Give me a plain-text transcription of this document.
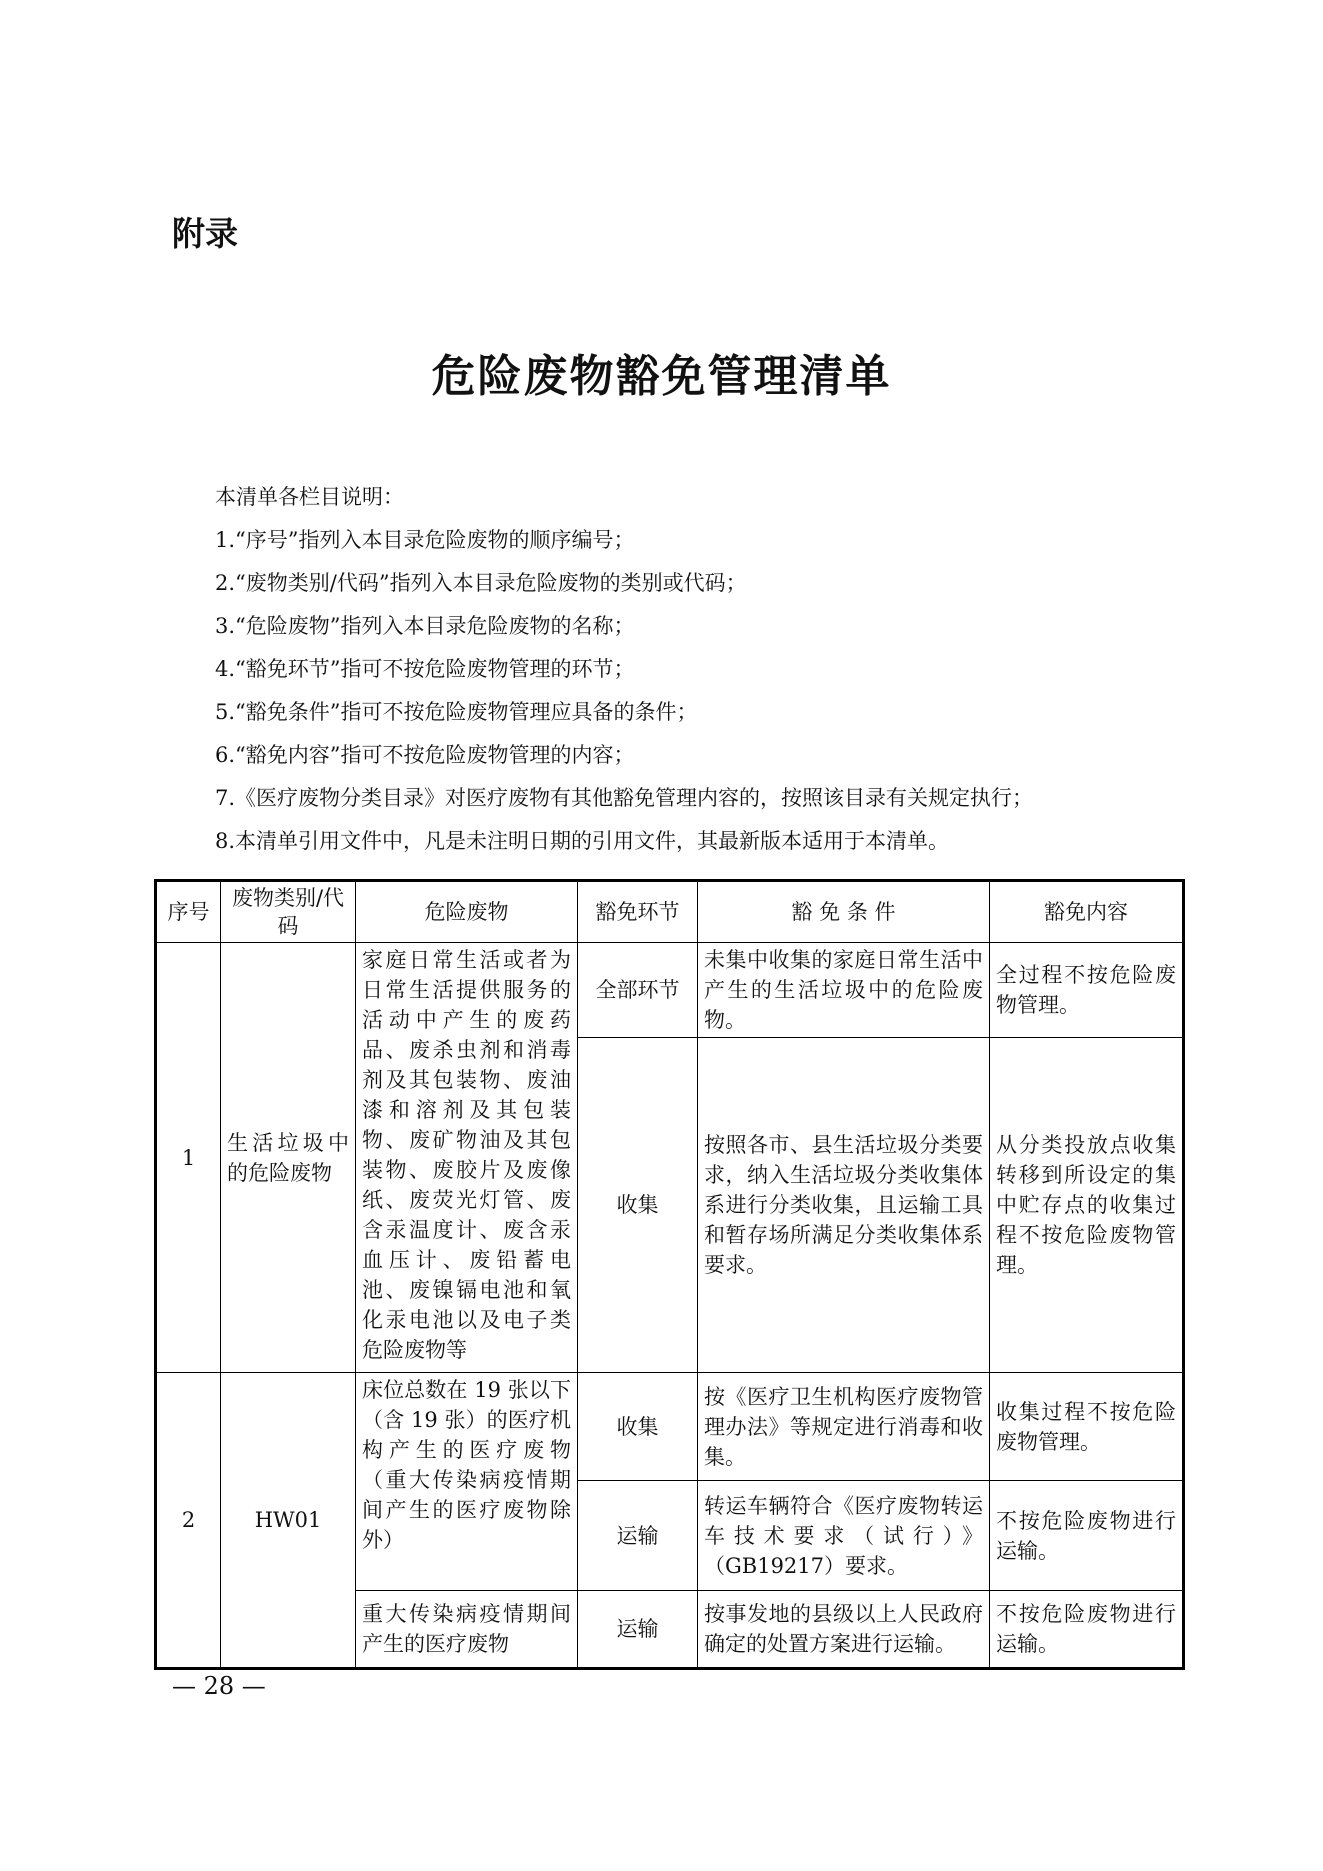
附录
危险废物豁免管理清单
本清单各栏目说明：
1.“序号”指列入本目录危险废物的顺序编号；
2.“废物类别/代码”指列入本目录危险废物的类别或代码；
3.“危险废物”指列入本目录危险废物的名称；
4.“豁免环节”指可不按危险废物管理的环节；
5.“豁免条件”指可不按危险废物管理应具备的条件；
6.“豁免内容”指可不按危险废物管理的内容；
7.《医疗废物分类目录》对医疗废物有其他豁免管理内容的，按照该目录有关规定执行；
8.本清单引用文件中，凡是未注明日期的引用文件，其最新版本适用于本清单。
序号	废物类别/代码	危险废物	豁免环节	豁 免 条 件	豁免内容
1	生活垃圾中的危险废物	家庭日常生活或者为日常生活提供服务的活动中产生的废药品、废杀虫剂和消毒剂及其包装物、废油漆和溶剂及其包装物、废矿物油及其包装物、废胶片及废像纸、废荧光灯管、废含汞温度计、废含汞血压计、废铅蓄电池、废镍镉电池和氧化汞电池以及电子类危险废物等	全部环节	未集中收集的家庭日常生活中产生的生活垃圾中的危险废物。	全过程不按危险废物管理。
			收集	按照各市、县生活垃圾分类要求，纳入生活垃圾分类收集体系进行分类收集，且运输工具和暂存场所满足分类收集体系要求。	从分类投放点收集转移到所设定的集中贮存点的收集过程不按危险废物管理。
2	HW01	床位总数在 19 张以下（含 19 张）的医疗机构产生的医疗废物（重大传染病疫情期间产生的医疗废物除外）	收集	按《医疗卫生机构医疗废物管理办法》等规定进行消毒和收集。	收集过程不按危险废物管理。
			运输	转运车辆符合《医疗废物转运车技术要求（试行）》（GB19217）要求。	不按危险废物进行运输。
		重大传染病疫情期间产生的医疗废物	运输	按事发地的县级以上人民政府确定的处置方案进行运输。	不按危险废物进行运输。
— 28 —
